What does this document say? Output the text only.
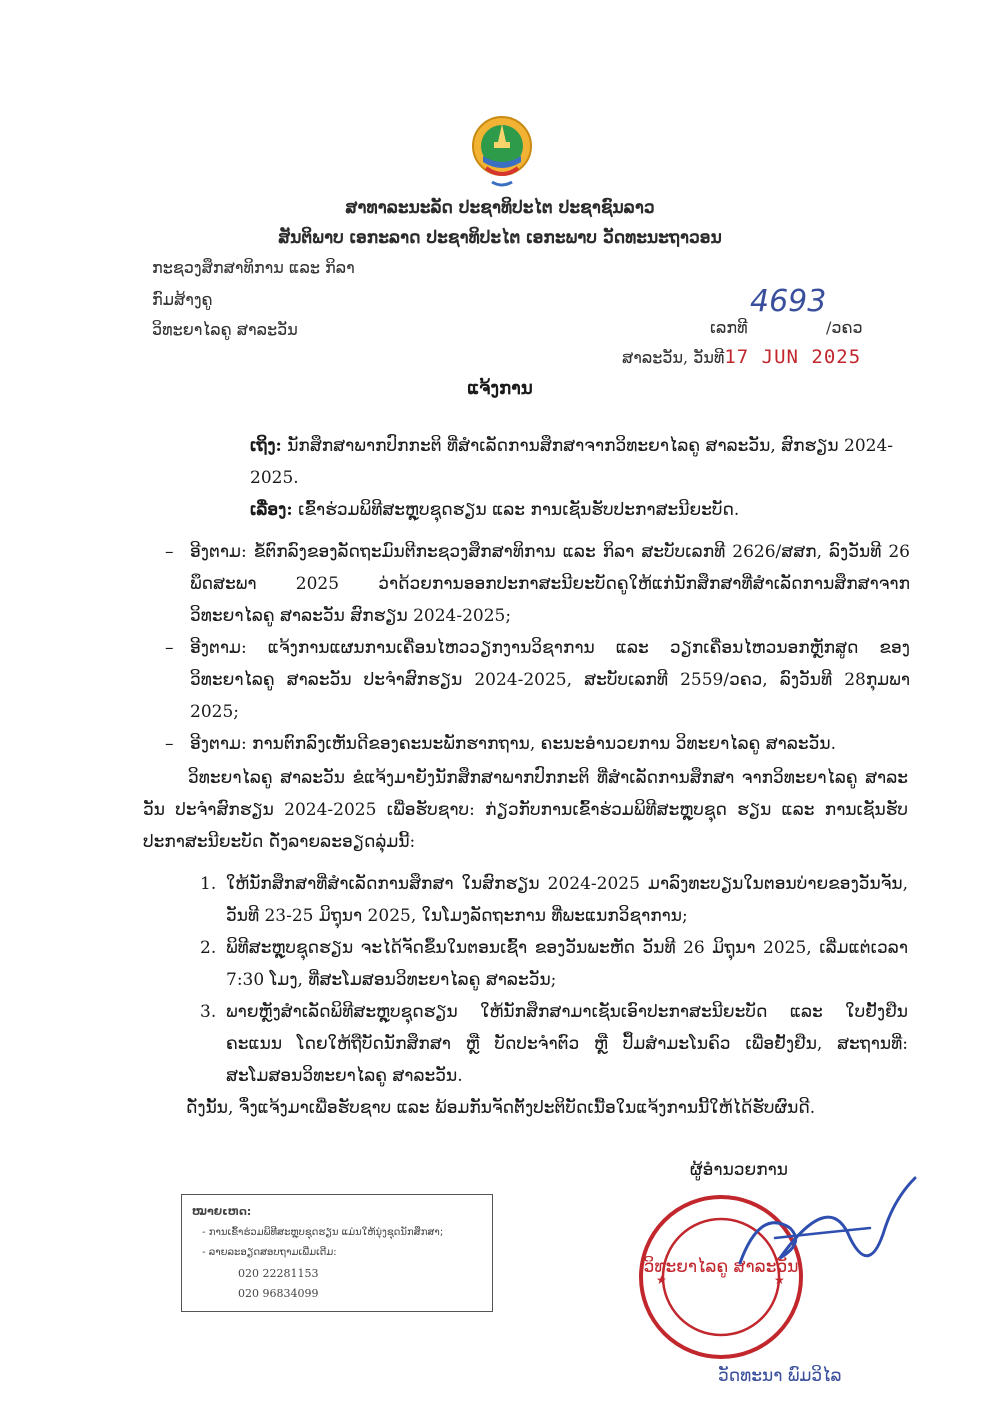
ສາທາລະນະລັດ ປະຊາທິປະໄຕ ປະຊາຊົນລາວ
ສັນຕິພາບ ເອກະລາດ ປະຊາທິປະໄຕ ເອກະພາບ ວັດທະນະຖາວອນ
ກະຊວງສຶກສາທິການ ແລະ ກິລາ
ກົມສ້າງຄູ
ວິທະຍາໄລຄູ ສາລະວັນ
4693
ເລກທີ	/ວຄວ
ສາລະວັນ, ວັນທີ17 JUN 2025
ແຈ້ງການ
ເຖິງ: ນັກສຶກສາພາກປົກກະຕິ ທີ່ສຳເລັດການສຶກສາຈາກວິທະຍາໄລຄູ ສາລະວັນ, ສົກຮຽນ 2024-2025.
ເລື່ອງ: ເຂົ້າຮ່ວມພິທີສະຫຼຸບຊຸດຮຽນ ແລະ ການເຊັນຮັບປະກາສະນີຍະບັດ.
– ອີງຕາມ: ຂໍ້ຕົກລົງຂອງລັດຖະມົນຕີກະຊວງສຶກສາທິການ ແລະ ກິລາ ສະບັບເລກທີ 2626/ສສກ, ລົງວັນທີ 26 ພຶດສະພາ 2025 ວ່າດ້ວຍການອອກປະກາສະນີຍະບັດຄູໃຫ້ແກ່ນັກສຶກສາທີ່ສຳເລັດການສຶກສາຈາກວິທະຍາໄລຄູ ສາລະວັນ ສົກຮຽນ 2024-2025;
– ອີງຕາມ: ແຈ້ງການແຜນການເຄື່ອນໄຫວວຽກງານວິຊາການ ແລະ ວຽກເຄື່ອນໄຫວນອກຫຼັກສູດ ຂອງວິທະຍາໄລຄູ ສາລະວັນ ປະຈຳສົກຮຽນ 2024-2025, ສະບັບເລກທີ 2559/ວຄວ, ລົງວັນທີ 28ກຸມພາ 2025;
– ອີງຕາມ: ການຕົກລົງເຫັນດີຂອງຄະນະພັກຮາກຖານ, ຄະນະອຳນວຍການ ວິທະຍາໄລຄູ ສາລະວັນ.
ວິທະຍາໄລຄູ ສາລະວັນ ຂໍແຈ້ງມາຍັງນັກສຶກສາພາກປົກກະຕິ ທີ່ສຳເລັດການສຶກສາ ຈາກວິທະຍາໄລຄູ ສາລະວັນ ປະຈຳສົກຮຽນ 2024-2025 ເພື່ອຮັບຊາບ: ກ່ຽວກັບການເຂົ້າຮ່ວມພິທີສະຫຼຸບຊຸດ ຮຽນ ແລະ ການເຊັນຮັບປະກາສະນີຍະບັດ ດັ່ງລາຍລະອຽດລຸ່ມນີ້:
1. ໃຫ້ນັກສຶກສາທີ່ສຳເລັດການສຶກສາ ໃນສົກຮຽນ 2024-2025 ມາລົງທະບຽນໃນຕອນບ່າຍຂອງວັນຈັນ, ວັນທີ 23-25 ມິຖຸນາ 2025, ໃນໂມງລັດຖະການ ທີ່ພະແນກວິຊາການ;
2. ພິທີສະຫຼຸບຊຸດຮຽນ ຈະໄດ້ຈັດຂຶ້ນໃນຕອນເຊົ້າ ຂອງວັນພະຫັດ ວັນທີ 26 ມິຖຸນາ 2025, ເລີ່ມແຕ່ເວລາ 7:30 ໂມງ, ທີ່ສະໂມສອນວິທະຍາໄລຄູ ສາລະວັນ;
3. ພາຍຫຼັງສຳເລັດພິທີສະຫຼຸບຊຸດຮຽນ ໃຫ້ນັກສຶກສາມາເຊັນເອົາປະກາສະນີຍະບັດ ແລະ ໃບຢັ້ງຢືນຄະແນນ ໂດຍໃຫ້ຖືບັດນັກສຶກສາ ຫຼື ບັດປະຈຳຕົວ ຫຼື ປຶ້ມສຳມະໂນຄົວ ເພື່ອຢັ້ງຢືນ, ສະຖານທີ່: ສະໂມສອນວິທະຍາໄລຄູ ສາລະວັນ.
ດັ່ງນັ້ນ, ຈຶ່ງແຈ້ງມາເພື່ອຮັບຊາບ ແລະ ພ້ອມກັນຈັດຕັ້ງປະຕິບັດເນື້ອໃນແຈ້ງການນີ້ໃຫ້ໄດ້ຮັບຜົນດີ.
ຜູ້ອຳນວຍການ
ໝາຍເຫດ:
- ການເຂົ້າຮ່ວມພິທີສະຫຼຸບຊຸດຮຽນ ແມ່ນໃຫ້ນຸ່ງຊຸດນັກສຶກສາ;
- ລາຍລະອຽດສອບຖາມເພີ່ມເຕີມ:
020 22281153
020 96834099
★	★
ວິທະຍາໄລຄູ ສາລະວັນ
ວັດທະນາ ພົມວິໄລ
